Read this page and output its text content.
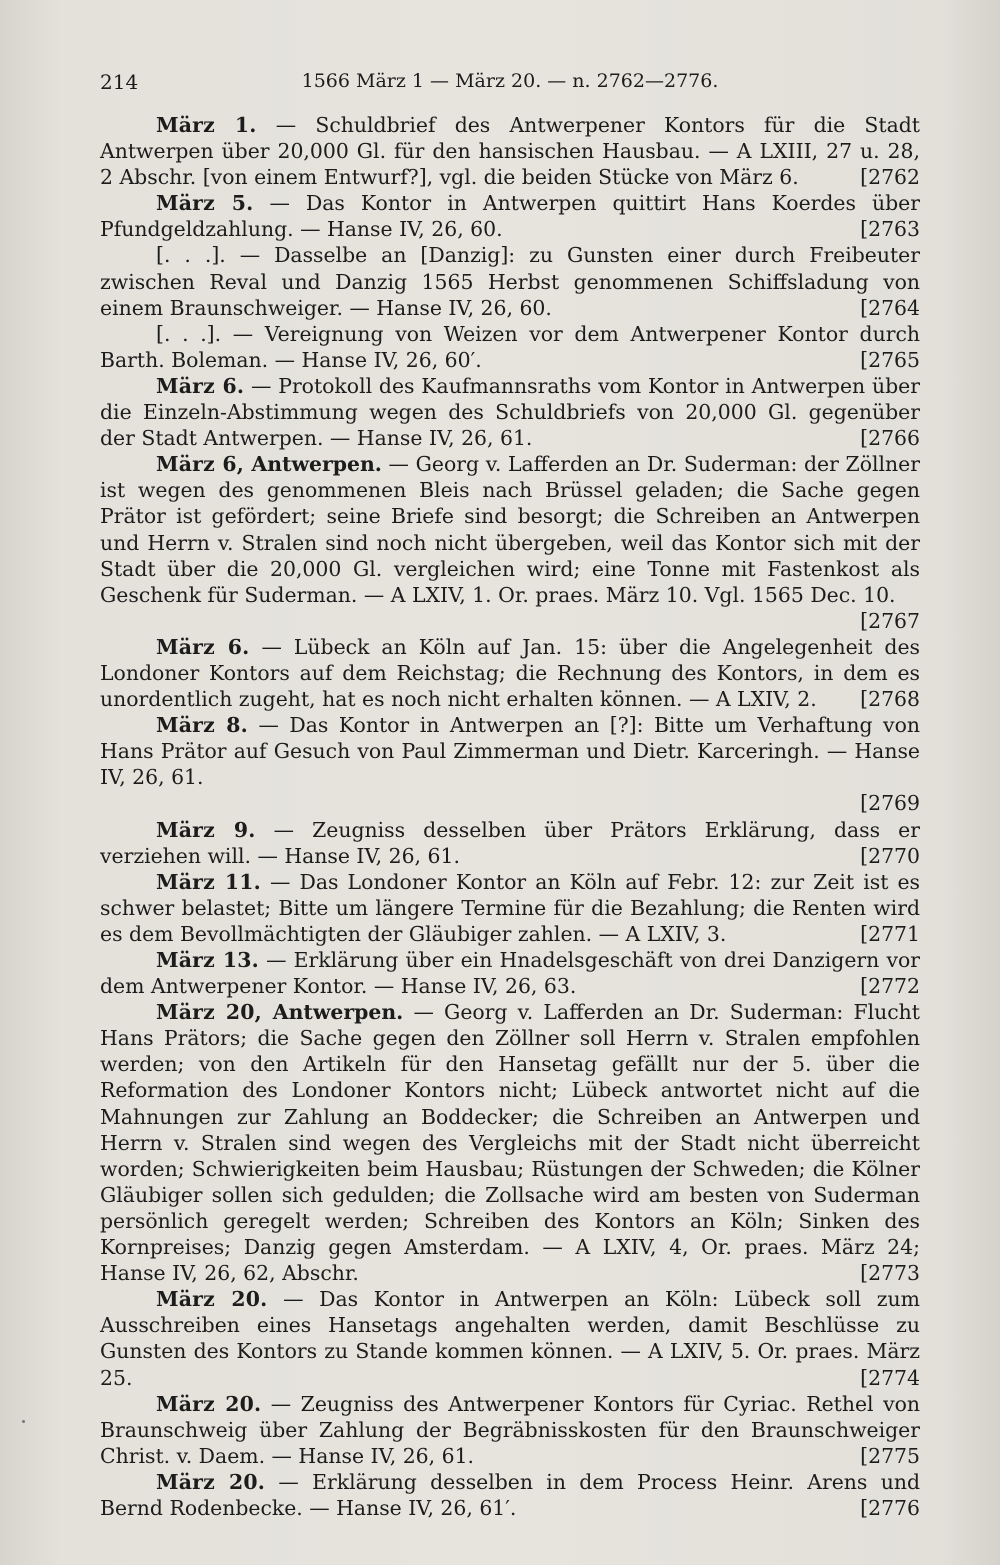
214	1566 März 1 — März 20. — n. 2762—2776.

März 1. — Schuldbrief des Antwerpener Kontors für die Stadt Antwerpen über 20,000 Gl. für den hansischen Hausbau. — A LXIII, 27 u. 28, 2 Abschr. [von einem Entwurf?], vgl. die beiden Stücke von März 6.	[2762

März 5. — Das Kontor in Antwerpen quittirt Hans Koerdes über Pfundgeldzahlung. — Hanse IV, 26, 60.	[2763

[. . .]. — Dasselbe an [Danzig]: zu Gunsten einer durch Freibeuter zwischen Reval und Danzig 1565 Herbst genommenen Schiffsladung von einem Braunschweiger. — Hanse IV, 26, 60.	[2764

[. . .]. — Vereignung von Weizen vor dem Antwerpener Kontor durch Barth. Boleman. — Hanse IV, 26, 60′.	[2765

März 6. — Protokoll des Kaufmannsraths vom Kontor in Antwerpen über die Einzeln-Abstimmung wegen des Schuldbriefs von 20,000 Gl. gegenüber der Stadt Antwerpen. — Hanse IV, 26, 61.	[2766

März 6, Antwerpen. — Georg v. Lafferden an Dr. Suderman: der Zöllner ist wegen des genommenen Bleis nach Brüssel geladen; die Sache gegen Prätor ist gefördert; seine Briefe sind besorgt; die Schreiben an Antwerpen und Herrn v. Stralen sind noch nicht übergeben, weil das Kontor sich mit der Stadt über die 20,000 Gl. vergleichen wird; eine Tonne mit Fastenkost als Geschenk für Suderman. — A LXIV, 1. Or. praes. März 10. Vgl. 1565 Dec. 10.
[2767

März 6. — Lübeck an Köln auf Jan. 15: über die Angelegenheit des Londoner Kontors auf dem Reichstag; die Rechnung des Kontors, in dem es unordentlich zugeht, hat es noch nicht erhalten können. — A LXIV, 2.	[2768

März 8. — Das Kontor in Antwerpen an [?]: Bitte um Verhaftung von Hans Prätor auf Gesuch von Paul Zimmerman und Dietr. Karceringh. — Hanse IV, 26, 61.
[2769

März 9. — Zeugniss desselben über Prätors Erklärung, dass er verziehen will. — Hanse IV, 26, 61.	[2770

März 11. — Das Londoner Kontor an Köln auf Febr. 12: zur Zeit ist es schwer belastet; Bitte um längere Termine für die Bezahlung; die Renten wird es dem Bevollmächtigten der Gläubiger zahlen. — A LXIV, 3.	[2771

März 13. — Erklärung über ein Hnadelsgeschäft von drei Danzigern vor dem Antwerpener Kontor. — Hanse IV, 26, 63.	[2772

März 20, Antwerpen. — Georg v. Lafferden an Dr. Suderman: Flucht Hans Prätors; die Sache gegen den Zöllner soll Herrn v. Stralen empfohlen werden; von den Artikeln für den Hansetag gefällt nur der 5. über die Reformation des Londoner Kontors nicht; Lübeck antwortet nicht auf die Mahnungen zur Zahlung an Boddecker; die Schreiben an Antwerpen und Herrn v. Stralen sind wegen des Vergleichs mit der Stadt nicht überreicht worden; Schwierigkeiten beim Hausbau; Rüstungen der Schweden; die Kölner Gläubiger sollen sich gedulden; die Zollsache wird am besten von Suderman persönlich geregelt werden; Schreiben des Kontors an Köln; Sinken des Kornpreises; Danzig gegen Amsterdam. — A LXIV, 4, Or. praes. März 24; Hanse IV, 26, 62, Abschr.	[2773

März 20. — Das Kontor in Antwerpen an Köln: Lübeck soll zum Ausschreiben eines Hansetags angehalten werden, damit Beschlüsse zu Gunsten des Kontors zu Stande kommen können. — A LXIV, 5. Or. praes. März 25.	[2774

März 20. — Zeugniss des Antwerpener Kontors für Cyriac. Rethel von Braunschweig über Zahlung der Begräbnisskosten für den Braunschweiger Christ. v. Daem. — Hanse IV, 26, 61.	[2775

März 20. — Erklärung desselben in dem Process Heinr. Arens und Bernd Rodenbecke. — Hanse IV, 26, 61′.	[2776
